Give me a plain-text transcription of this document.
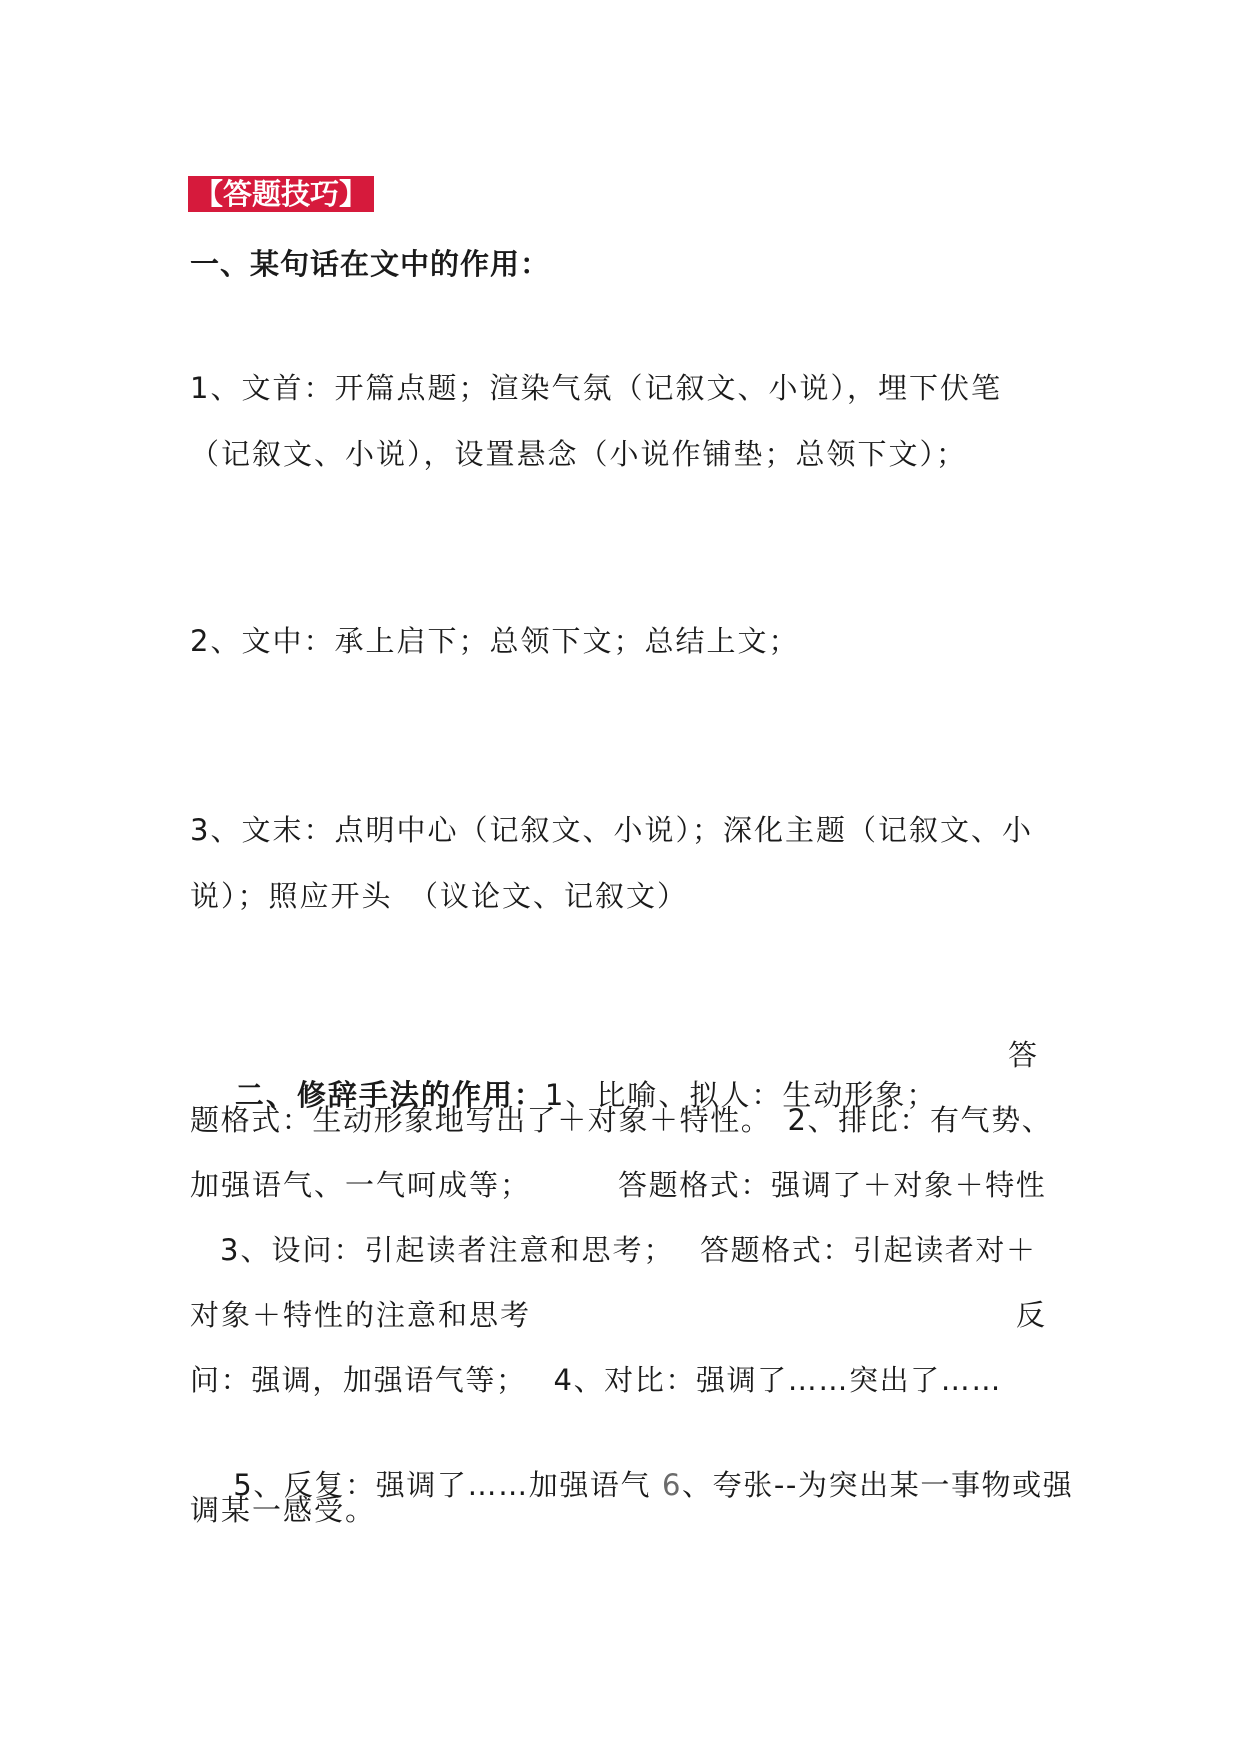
【答题技巧】
一、某句话在文中的作用：
1、文首：开篇点题；渲染气氛（记叙文、小说），埋下伏笔
（记叙文、小说），设置悬念（小说作铺垫；总领下文）；
2、文中：承上启下；总领下文；总结上文；
3、文末：点明中心（记叙文、小说）；深化主题（记叙文、小
说）；照应开头　（议论文、记叙文）

二、修辞手法的作用：1、比喻、拟人：生动形象；

答
题格式：生动形象地写出了＋对象＋特性。　2、排比：有气势、
加强语气、一气呵成等；	答题格式：强调了＋对象＋特性
3、设问：引起读者注意和思考； 答题格式：引起读者对＋
对象＋特性的注意和思考	反
问：强调，加强语气等；　 4、对比：强调了……突出了……

5、反复：强调了……加强语气 6、夸张--为突出某一事物或强

调某一感受。
